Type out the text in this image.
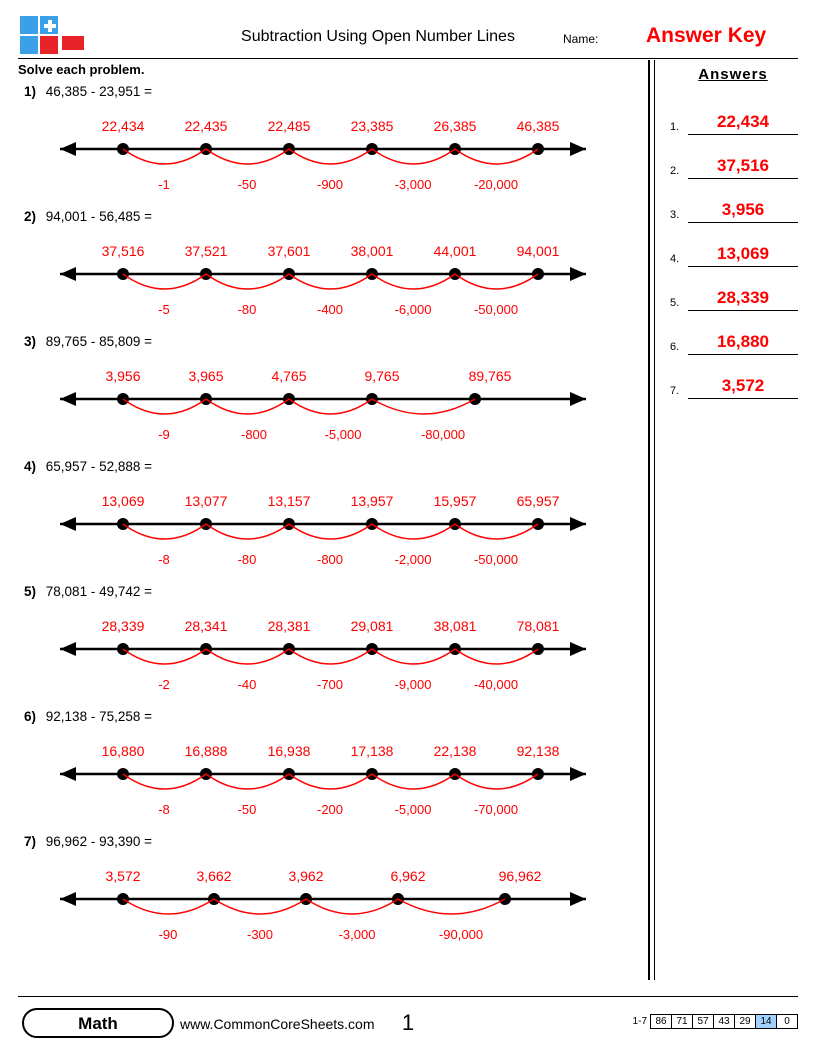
Subtraction Using Open Number Lines	Name: Answer Key
Solve each problem.
1) 46,385 - 23,951 =
22,434	22,435	22,485	23,385	26,385	46,385
-1	-50	-900	-3,000	-20,000
2) 94,001 - 56,485 =
37,516	37,521	37,601	38,001	44,001	94,001
-5	-80	-400	-6,000	-50,000
3) 89,765 - 85,809 =
3,956	3,965	4,765	9,765	89,765
-9	-800	-5,000	-80,000
4) 65,957 - 52,888 =
13,069	13,077	13,157	13,957	15,957	65,957
-8	-80	-800	-2,000	-50,000
5) 78,081 - 49,742 =
28,339	28,341	28,381	29,081	38,081	78,081
-2	-40	-700	-9,000	-40,000
6) 92,138 - 75,258 =
16,880	16,888	16,938	17,138	22,138	92,138
-8	-50	-200	-5,000	-70,000
7) 96,962 - 93,390 =
3,572	3,662	3,962	6,962	96,962
-90	-300	-3,000	-90,000
Answers
1.	22,434
2.	37,516
3.	3,956
4.	13,069
5.	28,339
6.	16,880
7.	3,572
Math	www.CommonCoreSheets.com	1	1-7 86 71 57 43 29 14	0
